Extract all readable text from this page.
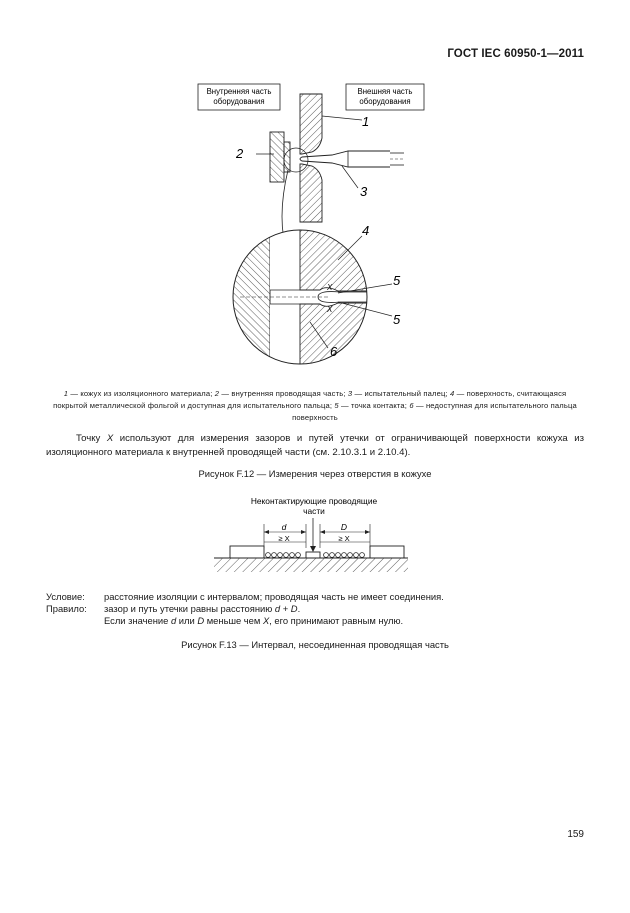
ГОСТ IEC 60950-1—2011
Внутренняя часть
оборудования
Внешняя часть
оборудования
1
2
3
X
X
4
5
5
6
1 — кожух из изоляционного материала; 2 — внутренняя проводящая часть; 3 — испытательный палец; 4 — поверхность, считающаяся покрытой металлической фольгой и доступная для испытательного пальца; 5 — точка контакта; 6 — недоступная для испытательного пальца поверхность
Точку X используют для измерения зазоров и путей утечки от ограничивающей поверхности кожуха из изоляционного материала к внутренней проводящей части (см. 2.10.3.1 и 2.10.4).
Рисунок F.12 — Измерения через отверстия в кожухе
Неконтактирующие проводящие
части
d	D
≥ X	≥ X
Условие: расстояние изоляции с интервалом; проводящая часть не имеет соединения.
Правило: зазор и путь утечки равны расстоянию d + D.
Если значение d или D меньше чем X, его принимают равным нулю.
Рисунок F.13 — Интервал, несоединенная проводящая часть
159
